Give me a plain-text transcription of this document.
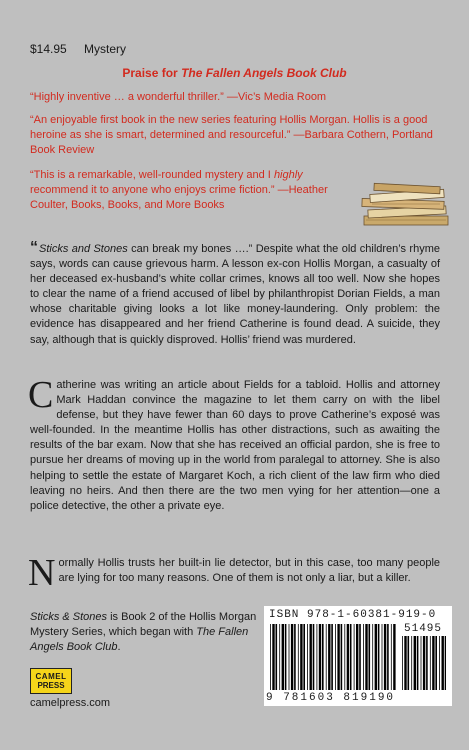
$14.95 Mystery
Praise for The Fallen Angels Book Club
“Highly inventive … a wonderful thriller.” —Vic’s Media Room
“An enjoyable first book in the new series featuring Hollis Morgan. Hollis is a good heroine as she is smart, determined and resourceful.” —Barbara Cothern, Portland Book Review
“This is a remarkable, well-rounded mystery and I highly recommend it to anyone who enjoys crime fiction.” —Heather Coulter, Books, Books, and More Books
“Sticks and Stones can break my bones ….” Despite what the old children’s rhyme says, words can cause grievous harm. A lesson ex-con Hollis Morgan, a casualty of her deceased ex-husband’s white collar crimes, knows all too well. Now she hopes to clear the name of a friend accused of libel by philanthropist Dorian Fields, a man whose charitable giving looks a lot like money-laundering. Only problem: the evidence has disappeared and her friend Catherine is found dead. A suicide, they say, although that is quickly disproved. Hollis’ friend was murdered.
Catherine was writing an article about Fields for a tabloid. Hollis and attorney Mark Haddan convince the magazine to let them carry on with the libel defense, but they have fewer than 60 days to prove Catherine’s exposé was well-founded. In the meantime Hollis has other distractions, such as awaiting the results of the bar exam. Now that she has received an official pardon, she is free to pursue her dreams of moving up in the world from paralegal to attorney. She is also helping to settle the estate of Margaret Koch, a rich client of the law firm who died leaving no heirs. And then there are the two men vying for her attention—one a police detective, the other a private eye.
Normally Hollis trusts her built-in lie detector, but in this case, too many people are lying for too many reasons. One of them is not only a liar, but a killer.
Sticks & Stones is Book 2 of the Hollis Morgan Mystery Series, which began with The Fallen Angels Book Club.
CAMEL
PRESS
camelpress.com
ISBN 978-1-60381-919-0
51495
9 781603 819190
